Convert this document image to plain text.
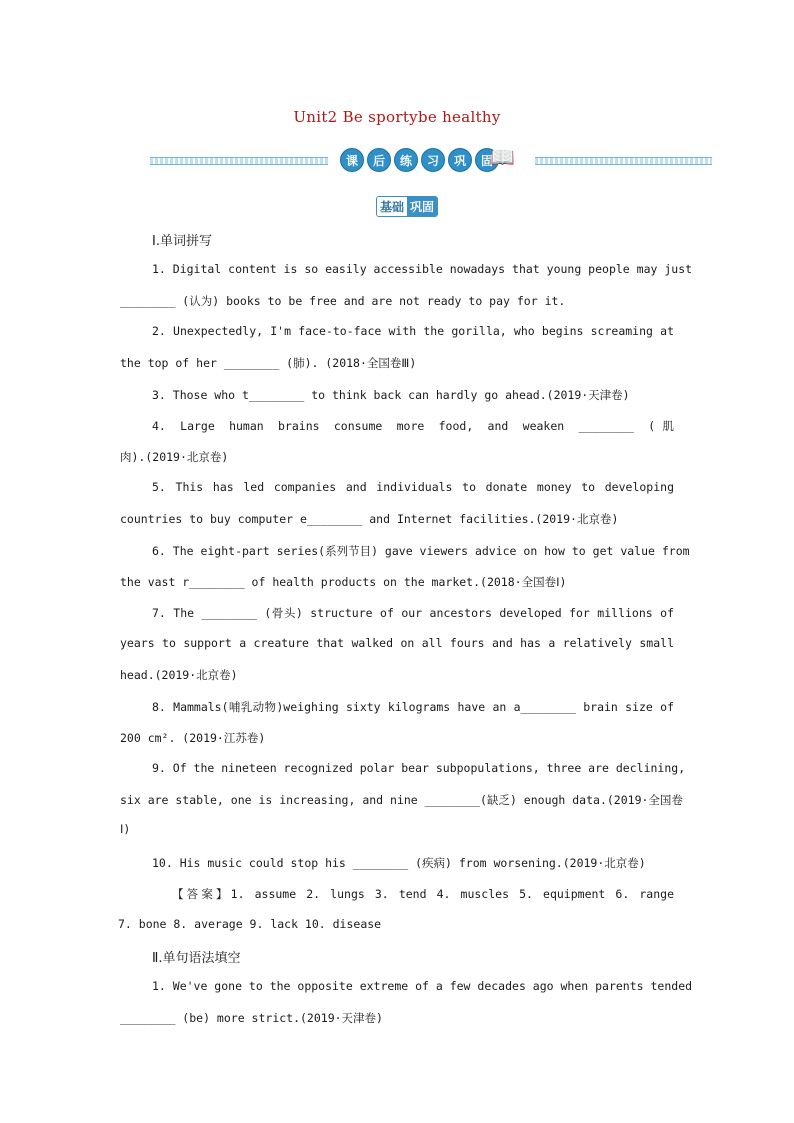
Unit2 Be sportybe healthy
课	后	练	习	巩	固
📖
基础 巩固
Ⅰ.单词拼写
1. Digital content is so easily accessible nowadays that young people may just
________ (认为) books to be free and are not ready to pay for it.
2. Unexpectedly, I'm face-to-face with the gorilla, who begins screaming at
the top of her ________ (肺). (2018·全国卷Ⅲ)
3. Those who t________ to think back can hardly go ahead.(2019·天津卷)
4. Large human brains consume more food, and weaken ________ (肌
肉).(2019·北京卷)
5. This has led companies and individuals to donate money to developing
countries to buy computer e________ and Internet facilities.(2019·北京卷)
6. The eight-part series(系列节目) gave viewers advice on how to get value from
the vast r________ of health products on the market.(2018·全国卷Ⅰ)
7. The ________ (骨头) structure of our ancestors developed for millions of
years to support a creature that walked on all fours and has a relatively small
head.(2019·北京卷)
8. Mammals(哺乳动物)weighing sixty kilograms have an a________ brain size of
200 cm². (2019·江苏卷)
9. Of the nineteen recognized polar bear subpopulations, three are declining,
six are stable, one is increasing, and nine ________(缺乏) enough data.(2019·全国卷
Ⅰ)
10. His music could stop his ________ (疾病) from worsening.(2019·北京卷)
【答案】1. assume 2. lungs 3. tend 4. muscles 5. equipment 6. range
7. bone 8. average 9. lack 10. disease
Ⅱ.单句语法填空
1. We've gone to the opposite extreme of a few decades ago when parents tended
________ (be) more strict.(2019·天津卷)
